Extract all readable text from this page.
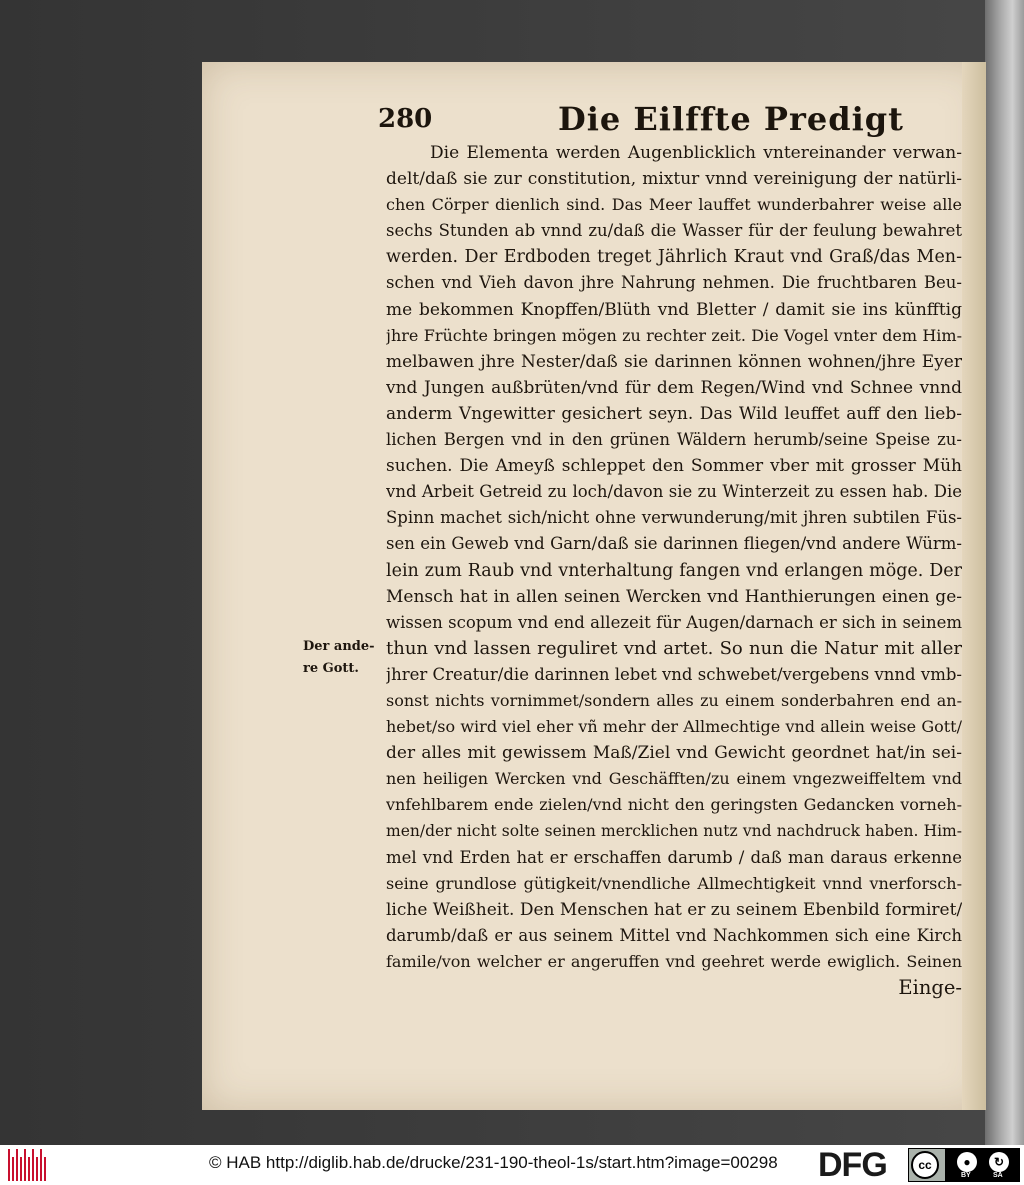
280	Die Eilffte Predigt
Der ande-
re Gott.
Die Elementa werden Augenblicklich vntereinander verwan-
delt/daß sie zur constitution, mixtur vnnd vereinigung der natürli-
chen Cörper dienlich sind. Das Meer lauffet wunderbahrer weise alle
sechs Stunden ab vnnd zu/daß die Wasser für der feulung bewahret
werden. Der Erdboden treget Jährlich Kraut vnd Graß/das Men-
schen vnd Vieh davon jhre Nahrung nehmen. Die fruchtbaren Beu-
me bekommen Knopffen/Blüth vnd Bletter / damit sie ins künfftig
jhre Früchte bringen mögen zu rechter zeit. Die Vogel vnter dem Him-
melbawen jhre Nester/daß sie darinnen können wohnen/jhre Eyer
vnd Jungen außbrüten/vnd für dem Regen/Wind vnd Schnee vnnd
anderm Vngewitter gesichert seyn. Das Wild leuffet auff den lieb-
lichen Bergen vnd in den grünen Wäldern herumb/seine Speise zu-
suchen. Die Ameyß schleppet den Sommer vber mit grosser Müh
vnd Arbeit Getreid zu loch/davon sie zu Winterzeit zu essen hab. Die
Spinn machet sich/nicht ohne verwunderung/mit jhren subtilen Füs-
sen ein Geweb vnd Garn/daß sie darinnen fliegen/vnd andere Würm-
lein zum Raub vnd vnterhaltung fangen vnd erlangen möge. Der
Mensch hat in allen seinen Wercken vnd Hanthierungen einen ge-
wissen scopum vnd end allezeit für Augen/darnach er sich in seinem
thun vnd lassen reguliret vnd artet. So nun die Natur mit aller
jhrer Creatur/die darinnen lebet vnd schwebet/vergebens vnnd vmb-
sonst nichts vornimmet/sondern alles zu einem sonderbahren end an-
hebet/so wird viel eher vñ mehr der Allmechtige vnd allein weise Gott/
der alles mit gewissem Maß/Ziel vnd Gewicht geordnet hat/in sei-
nen heiligen Wercken vnd Geschäfften/zu einem vngezweiffeltem vnd
vnfehlbarem ende zielen/vnd nicht den geringsten Gedancken vorneh-
men/der nicht solte seinen mercklichen nutz vnd nachdruck haben. Him-
mel vnd Erden hat er erschaffen darumb / daß man daraus erkenne
seine grundlose gütigkeit/vnendliche Allmechtigkeit vnnd vnerforsch-
liche Weißheit. Den Menschen hat er zu seinem Ebenbild formiret/
darumb/daß er aus seinem Mittel vnd Nachkommen sich eine Kirch
famile/von welcher er angeruffen vnd geehret werde ewiglich. Seinen
Einge-
© HAB http://diglib.hab.de/drucke/231-190-theol-1s/start.htm?image=00298 DFG	cc	●	↻
BY	SA
